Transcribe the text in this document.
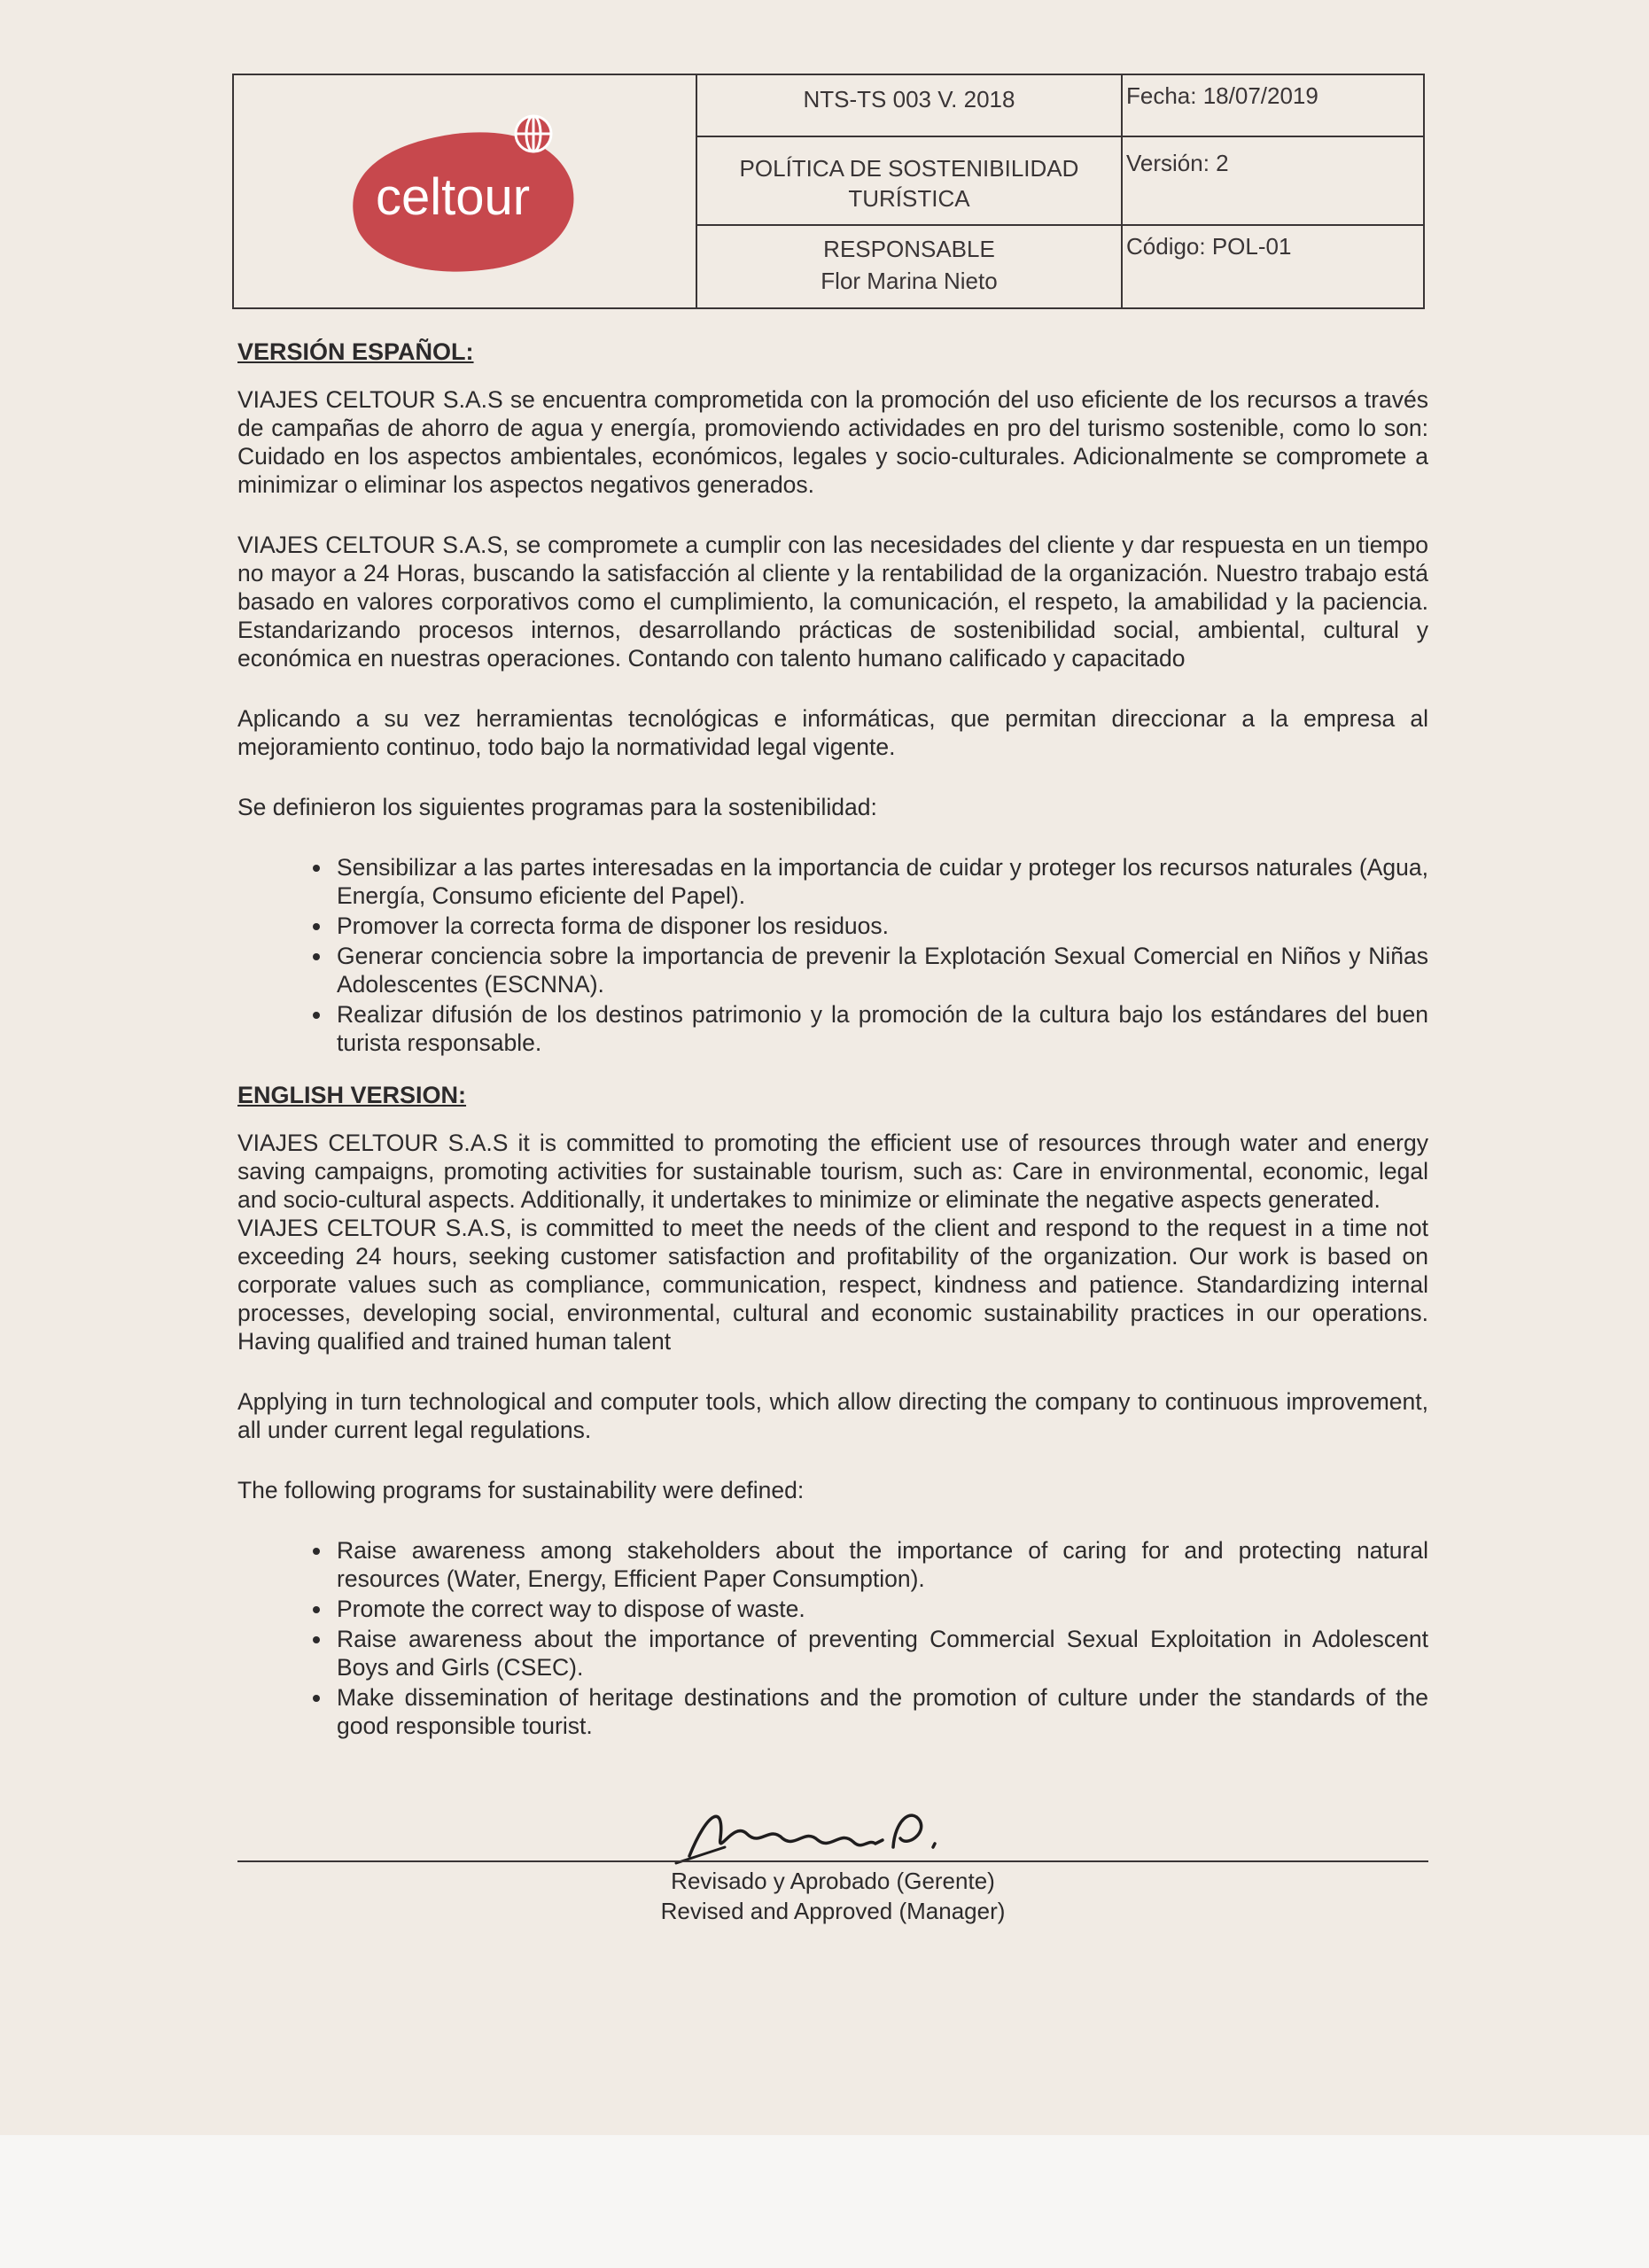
celtour
NTS-TS 003 V. 2018
POLÍTICA DE SOSTENIBILIDAD TURÍSTICA
RESPONSABLE
Flor Marina Nieto
Fecha: 18/07/2019
Versión: 2
Código: POL-01
VERSIÓN ESPAÑOL:

VIAJES CELTOUR S.A.S se encuentra comprometida con la promoción del uso eficiente de los recursos a través de campañas de ahorro de agua y energía, promoviendo actividades en pro del turismo sostenible, como lo son: Cuidado en los aspectos ambientales, económicos, legales y socio-culturales. Adicionalmente se compromete a minimizar o eliminar los aspectos negativos generados.

VIAJES CELTOUR S.A.S, se compromete a cumplir con las necesidades del cliente y dar respuesta en un tiempo no mayor a 24 Horas, buscando la satisfacción al cliente y la rentabilidad de la organización. Nuestro trabajo está basado en valores corporativos como el cumplimiento, la comunicación, el respeto, la amabilidad y la paciencia. Estandarizando procesos internos, desarrollando prácticas de sostenibilidad social, ambiental, cultural y económica en nuestras operaciones. Contando con talento humano calificado y capacitado

Aplicando a su vez herramientas tecnológicas e informáticas, que permitan direccionar a la empresa al mejoramiento continuo, todo bajo la normatividad legal vigente.

Se definieron los siguientes programas para la sostenibilidad:

• Sensibilizar a las partes interesadas en la importancia de cuidar y proteger los recursos naturales (Agua, Energía, Consumo eficiente del Papel).
• Promover la correcta forma de disponer los residuos.
• Generar conciencia sobre la importancia de prevenir la Explotación Sexual Comercial en Niños y Niñas Adolescentes (ESCNNA).
• Realizar difusión de los destinos patrimonio y la promoción de la cultura bajo los estándares del buen turista responsable.
ENGLISH VERSION:

VIAJES CELTOUR S.A.S it is committed to promoting the efficient use of resources through water and energy saving campaigns, promoting activities for sustainable tourism, such as: Care in environmental, economic, legal and socio-cultural aspects. Additionally, it undertakes to minimize or eliminate the negative aspects generated.

VIAJES CELTOUR S.A.S, is committed to meet the needs of the client and respond to the request in a time not exceeding 24 hours, seeking customer satisfaction and profitability of the organization. Our work is based on corporate values such as compliance, communication, respect, kindness and patience. Standardizing internal processes, developing social, environmental, cultural and economic sustainability practices in our operations. Having qualified and trained human talent

Applying in turn technological and computer tools, which allow directing the company to continuous improvement, all under current legal regulations.

The following programs for sustainability were defined:

• Raise awareness among stakeholders about the importance of caring for and protecting natural resources (Water, Energy, Efficient Paper Consumption).
• Promote the correct way to dispose of waste.
• Raise awareness about the importance of preventing Commercial Sexual Exploitation in Adolescent Boys and Girls (CSEC).
• Make dissemination of heritage destinations and the promotion of culture under the standards of the good responsible tourist.
Revisado y Aprobado (Gerente)
Revised and Approved (Manager)
